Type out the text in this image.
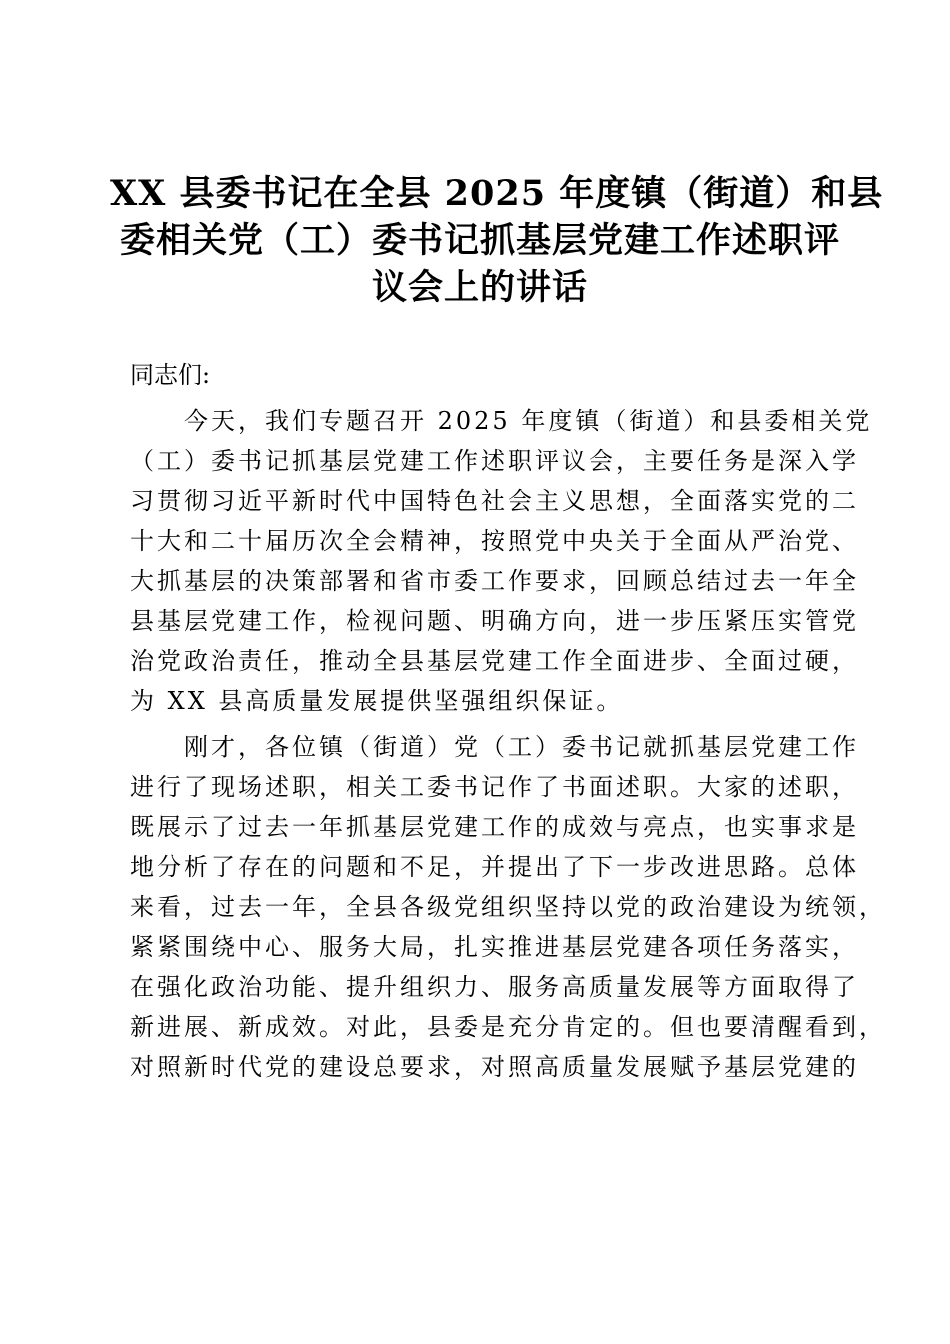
XX 县委书记在全县 2025 年度镇（街道）和县
委相关党（工）委书记抓基层党建工作述职评
议会上的讲话
同志们:
　　今天，我们专题召开 2025 年度镇（街道）和县委相关党
（工）委书记抓基层党建工作述职评议会，主要任务是深入学
习贯彻习近平新时代中国特色社会主义思想，全面落实党的二
十大和二十届历次全会精神，按照党中央关于全面从严治党、
大抓基层的决策部署和省市委工作要求，回顾总结过去一年全
县基层党建工作，检视问题、明确方向，进一步压紧压实管党
治党政治责任，推动全县基层党建工作全面进步、全面过硬，
为 XX 县高质量发展提供坚强组织保证。
　　刚才，各位镇（街道）党（工）委书记就抓基层党建工作
进行了现场述职，相关工委书记作了书面述职。大家的述职，
既展示了过去一年抓基层党建工作的成效与亮点，也实事求是
地分析了存在的问题和不足，并提出了下一步改进思路。总体
来看，过去一年，全县各级党组织坚持以党的政治建设为统领，
紧紧围绕中心、服务大局，扎实推进基层党建各项任务落实，
在强化政治功能、提升组织力、服务高质量发展等方面取得了
新进展、新成效。对此，县委是充分肯定的。但也要清醒看到，
对照新时代党的建设总要求，对照高质量发展赋予基层党建的
